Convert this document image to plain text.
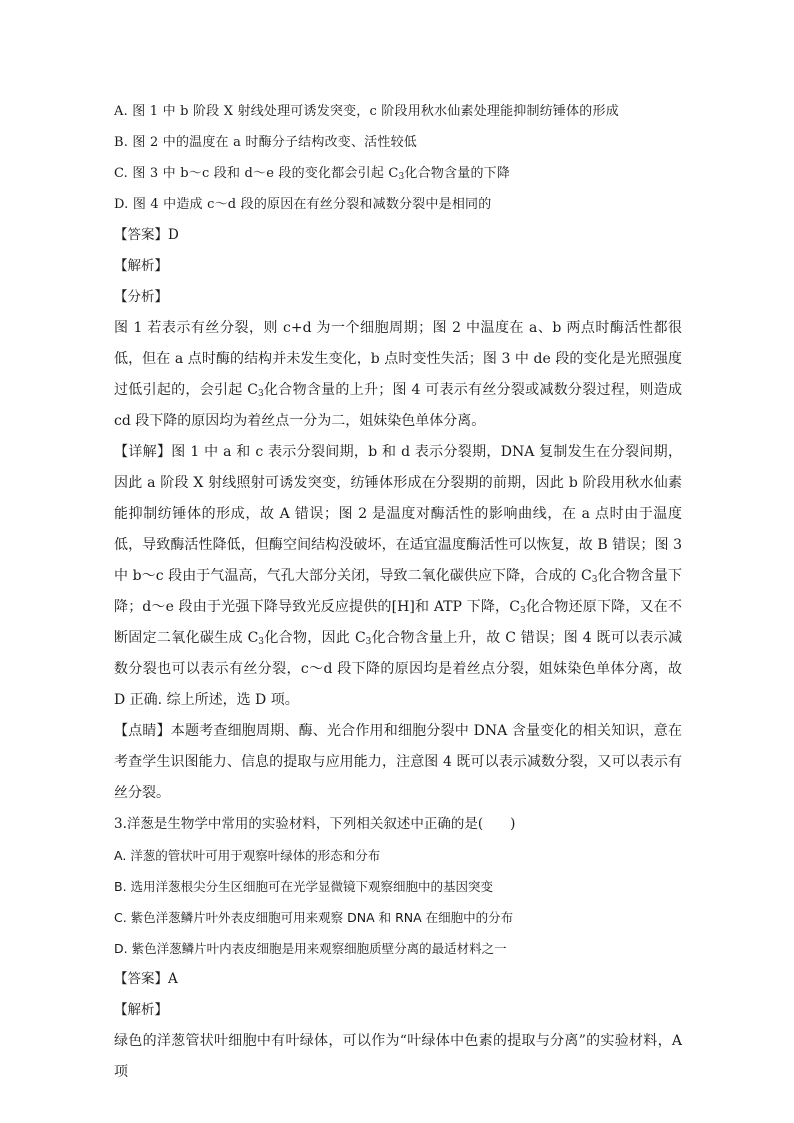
A. 图 1 中 b 阶段 X 射线处理可诱发突变，c 阶段用秋水仙素处理能抑制纺锤体的形成

B. 图 2 中的温度在 a 时酶分子结构改变、活性较低

C. 图 3 中 b～c 段和 d～e 段的变化都会引起 $C_3$化合物含量的下降

D. 图 4 中造成 c～d 段的原因在有丝分裂和减数分裂中是相同的

【答案】D

【解析】

【分析】

图 1 若表示有丝分裂，则 c+d 为一个细胞周期；图 2 中温度在 a、b 两点时酶活性都很低，但在 a 点时酶的结构并未发生变化，b 点时变性失活；图 3 中 de 段的变化是光照强度过低引起的，会引起 $C_3$化合物含量的上升；图 4 可表示有丝分裂或减数分裂过程，则造成 cd 段下降的原因均为着丝点一分为二，姐妹染色单体分离。

【详解】图 1 中 a 和 c 表示分裂间期，b 和 d 表示分裂期，DNA 复制发生在分裂间期，因此 a 阶段 X 射线照射可诱发突变，纺锤体形成在分裂期的前期，因此 b 阶段用秋水仙素能抑制纺锤体的形成，故 A 错误；图 2 是温度对酶活性的影响曲线，在 a 点时由于温度低，导致酶活性降低，但酶空间结构没破坏，在适宜温度酶活性可以恢复，故 B 错误；图 3 中 b～c 段由于气温高，气孔大部分关闭，导致二氧化碳供应下降，合成的 $C_3$化合物含量下降；d～e 段由于光强下降导致光反应提供的[H]和 ATP 下降，$C_3$化合物还原下降，又在不断固定二氧化碳生成 $C_3$化合物，因此 $C_3$化合物含量上升，故 C 错误；图 4 既可以表示减数分裂也可以表示有丝分裂，c～d 段下降的原因均是着丝点分裂，姐妹染色单体分离，故 D 正确. 综上所述，选 D 项。

【点睛】本题考查细胞周期、酶、光合作用和细胞分裂中 DNA 含量变化的相关知识，意在考查学生识图能力、信息的提取与应用能力，注意图 4 既可以表示减数分裂，又可以表示有丝分裂。

3.洋葱是生物学中常用的实验材料，下列相关叙述中正确的是(　　)

A. 洋葱的管状叶可用于观察叶绿体的形态和分布

B. 选用洋葱根尖分生区细胞可在光学显微镜下观察细胞中的基因突变

C. 紫色洋葱鳞片叶外表皮细胞可用来观察 DNA 和 RNA 在细胞中的分布

D. 紫色洋葱鳞片叶内表皮细胞是用来观察细胞质壁分离的最适材料之一

【答案】A

【解析】

绿色的洋葱管状叶细胞中有叶绿体，可以作为“叶绿体中色素的提取与分离”的实验材料，A 项
